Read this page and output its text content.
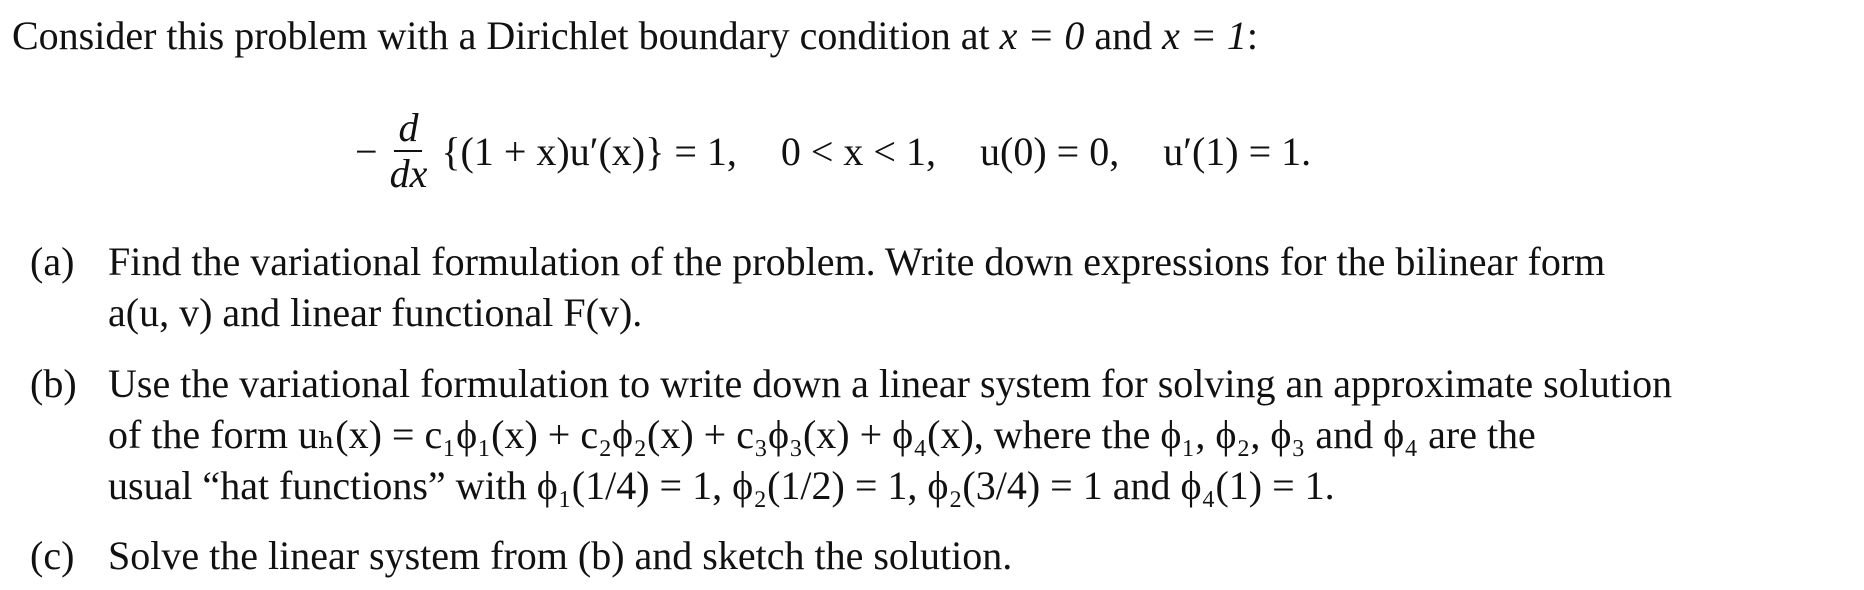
Consider this problem with a Dirichlet boundary condition at x = 0 and x = 1:
− $\frac{d}{dx} \{(1 + x)u'(x)\} = 1$, 0 < x < 1, u(0) = 0, u′(1) = 1.
(a) Find the variational formulation of the problem. Write down expressions for the bilinear form
a(u, v) and linear functional F(v).
(b) Use the variational formulation to write down a linear system for solving an approximate solution
of the form uₕ(x) = c₁ϕ₁(x) + c₂ϕ₂(x) + c₃ϕ₃(x) + ϕ₄(x), where the ϕ₁, ϕ₂, ϕ₃ and ϕ₄ are the
usual “hat functions” with ϕ₁(1/4) = 1, ϕ₂(1/2) = 1, ϕ₂(3/4) = 1 and ϕ₄(1) = 1.
(c) Solve the linear system from (b) and sketch the solution.
